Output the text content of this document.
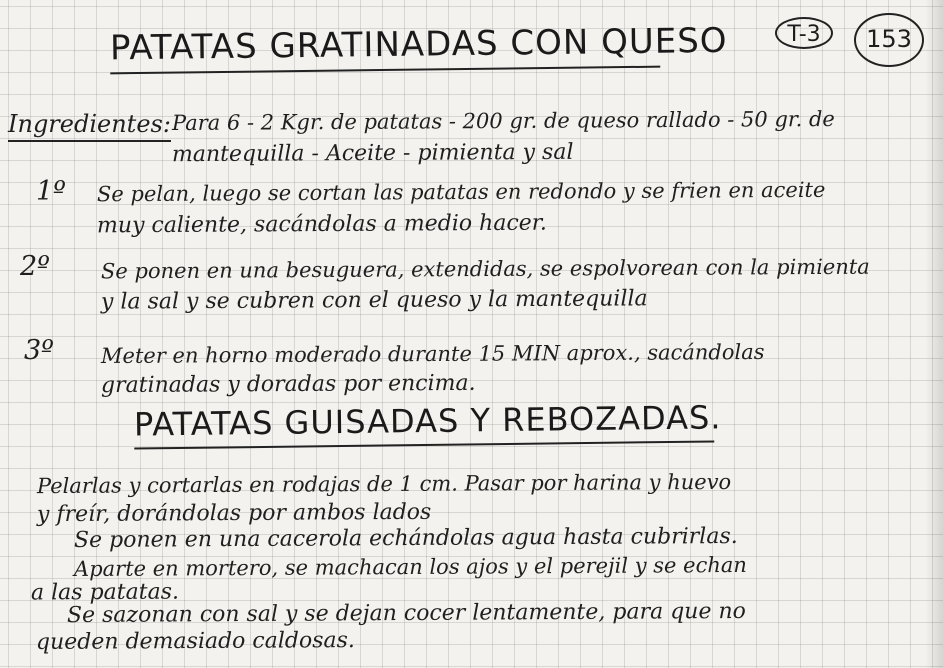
T-3	153
PATATAS GRATINADAS CON QUESO
Ingredientes: Para 6 - 2 Kgr. de patatas - 200 gr. de queso rallado - 50 gr. de
mantequilla - Aceite - pimienta y sal
1º Se pelan, luego se cortan las patatas en redondo y se frien en aceite
muy caliente, sacándolas a medio hacer.
2º Se ponen en una besuguera, extendidas, se espolvorean con la pimienta
y la sal y se cubren con el queso y la mantequilla
3º Meter en horno moderado durante 15 MIN aprox., sacándolas
gratinadas y doradas por encima.
PATATAS GUISADAS Y REBOZADAS.
Pelarlas y cortarlas en rodajas de 1 cm. Pasar por harina y huevo
y freír, dorándolas por ambos lados
Se ponen en una cacerola echándolas agua hasta cubrirlas.
Aparte en mortero, se machacan los ajos y el perejil y se echan
a las patatas.
Se sazonan con sal y se dejan cocer lentamente, para que no
queden demasiado caldosas.
